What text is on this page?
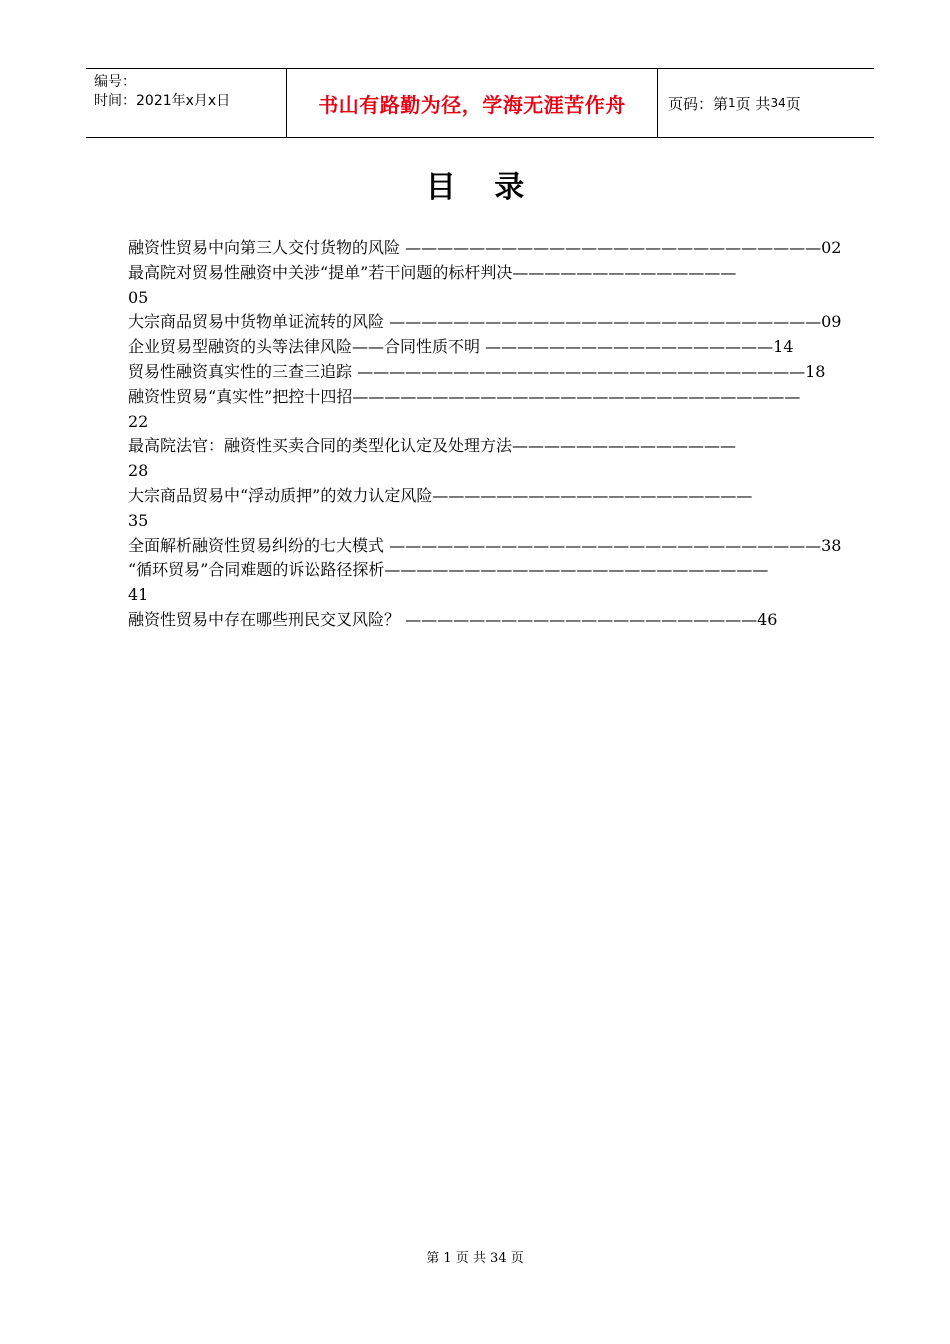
编号：
时间：2021年x月x日	书山有路勤为径，学海无涯苦作舟	页码：第 1 页 共 34 页
目 录
融资性贸易中向第三人交付货物的风险 ——————————————————————————02
最高院对贸易性融资中关涉“提单”若干问题的标杆判决——————————————
05
大宗商品贸易中货物单证流转的风险 ———————————————————————————09
企业贸易型融资的头等法律风险——合同性质不明 ——————————————————14
贸易性融资真实性的三查三追踪 ————————————————————————————18
融资性贸易“真实性”把控十四招————————————————————————————
22
最高院法官：融资性买卖合同的类型化认定及处理方法——————————————
28
大宗商品贸易中“浮动质押”的效力认定风险————————————————————
35
全面解析融资性贸易纠纷的七大模式 ———————————————————————————38
“循环贸易”合同难题的诉讼路径探析————————————————————————
41
融资性贸易中存在哪些刑民交叉风险？ ——————————————————————46
第 1 页 共 34 页
